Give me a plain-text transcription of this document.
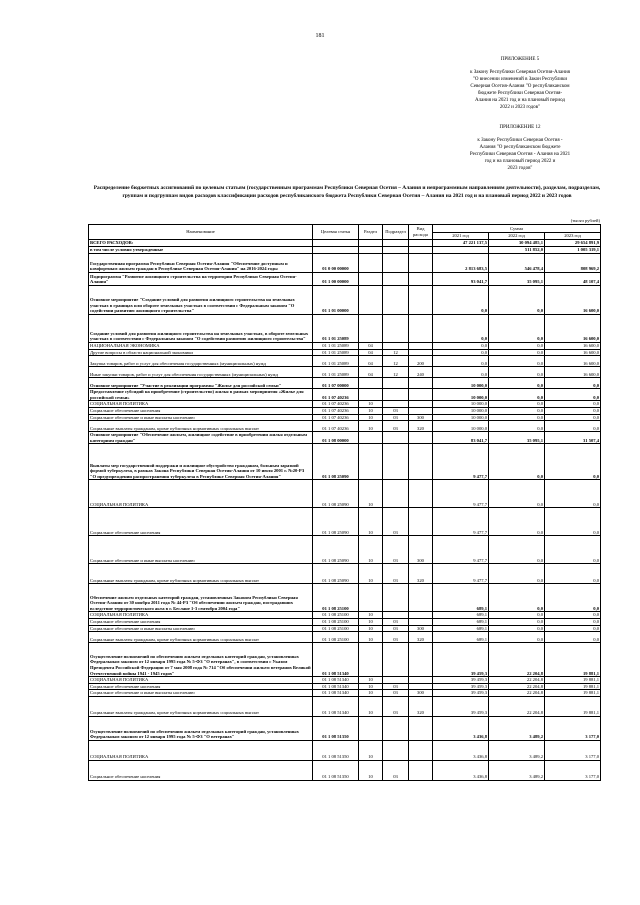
181
ПРИЛОЖЕНИЕ 5
к Закону Республики Северная Осетия-Алания
"О внесении изменений в Закон Республики
Северная Осетия-Алания "О республиканском
бюджете Республики Северная Осетия-
Алания на 2021 год и на плановый период
2022 и 2023 годов"
ПРИЛОЖЕНИЕ 12
к Закону Республики Северная Осетия -
Алания "О республиканском бюджете
Республики Северная Осетия - Алания на 2021
год и на плановый период 2022 и
2023 годов"
Распределение бюджетных ассигнований по целевым статьям (государственным программам Республики Северная Осетия – Алания и непрограммным направлениям деятельности), разделам, подразделам, группам и подгруппам видов расходов классификации расходов республиканского бюджета Республики Северная Осетия – Алания на 2021 год и на плановый период 2022 и 2023 годов
(тысяч рублей)
Наименование	Целевая статья	Раздел	Подраздел	Вид расхода	Сумма		
					2021 год	2022 год	2023 год
ВСЕГО РАСХОДОВ:					47 221 137,5	30 094 485,1	29 654 891,9
в том числе условно утвержденные						511 852,0	1 005 319,1
Государственная программа Республики Северная Осетия-Алания "Обеспечение доступным и комфортным жильем граждан в Республике Северная Осетия-Алания" на 2016-2024 годы	01 0 00 00000				2 813 683,5	546 478,4	808 969,2
Подпрограмма "Развитие жилищного строительства на территории Республики Северная Осетия-Алания"	01 1 00 00000				93 041,7	35 095,1	48 107,4
Основное мероприятие "Создание условий для развития жилищного строительства на земельных участках в границах или обороте земельных участках в соответствии с Федеральным законом "О содействии развитию жилищного строительства"	01 1 01 00000				0,0	0,0	16 600,0
Создание условий для развития жилищного строительства на земельных участках, в обороте земельных участках в соответствии с Федеральным законом "О содействии развитию жилищного строительства"	01 1 01 25089				0,0	0,0	16 600,0
НАЦИОНАЛЬНАЯ ЭКОНОМИКА	01 1 01 25089	04			0,0	0,0	16 600,0
Другие вопросы в области национальной экономики	01 1 01 25089	04	12		0,0	0,0	16 600,0
Закупка товаров, работ и услуг для обеспечения государственных (муниципальных) нужд	01 1 01 25089	04	12	200	0,0	0,0	16 600,0
Иные закупки товаров, работ и услуг для обеспечения государственных (муниципальных) нужд	01 1 01 25089	04	12	240	0,0	0,0	16 600,0
Основное мероприятие "Участие в реализации программы "Жилье для российской семьи"	01 1 07 00000				10 000,0	0,0	0,0
Предоставление субсидий на приобретение (строительство) жилья в рамках мероприятия «Жилье для российской семьи»	01 1 07 40236				10 000,0	0,0	0,0
СОЦИАЛЬНАЯ ПОЛИТИКА	01 1 07 40236	10			10 000,0	0,0	0,0
Социальное обеспечение населения	01 1 07 40236	10	03		10 000,0	0,0	0,0
Социальное обеспечение и иные выплаты населению	01 1 07 40236	10	03	300	10 000,0	0,0	0,0
Социальные выплаты гражданам, кроме публичных нормативных социальных выплат	01 1 07 40236	10	03	320	10 000,0	0,0	0,0
Основное мероприятие "Обеспечение жильем, жилищное содействие в приобретении жилья отдельным категориям граждан"	01 1 08 00000				83 041,7	35 095,1	31 507,4
Выплаты мер государственной поддержки и жилищное обустройство гражданам, больным заразной формой туберкулеза, в рамках Закона Республики Северная Осетия-Алания от 10 июля 2001 г. №20-РЗ "О предупреждении распространения туберкулеза в Республике Северная Осетия-Алания"	01 1 08 25090				9 477,7	0,0	0,0
СОЦИАЛЬНАЯ ПОЛИТИКА	01 1 08 25090	10			9 477,7	0,0	0,0
Социальное обеспечение населения	01 1 08 25090	10	03		9 477,7	0,0	0,0
Социальное обеспечение и иные выплаты населению	01 1 08 25090	10	03	300	9 477,7	0,0	0,0
Социальные выплаты гражданам, кроме публичных нормативных социальных выплат	01 1 08 25090	10	03	320	9 477,7	0,0	0,0
Обеспечение жильем отдельных категорий граждан, установленных Законом Республики Северная Осетия-Алания от 30 ноября 2011 года № 44-РЗ "Об обеспечении жильем граждан, пострадавших вследствие террористического акта в г. Беслане 1-3 сентября 2004 года"	01 1 08 25100				689,1	0,0	0,0
СОЦИАЛЬНАЯ ПОЛИТИКА	01 1 08 25100	10			689,1	0,0	0,0
Социальное обеспечение населения	01 1 08 25100	10	03		689,1	0,0	0,0
Социальное обеспечение и иные выплаты населению	01 1 08 25100	10	03	300	689,1	0,0	0,0
Социальные выплаты гражданам, кроме публичных нормативных социальных выплат	01 1 08 25100	10	03	320	689,1	0,0	0,0
Осуществление полномочий по обеспечению жильем отдельных категорий граждан, установленных Федеральным законом от 12 января 1995 года № 5-ФЗ "О ветеранах", в соответствии с Указом Президента Российской Федерации от 7 мая 2008 года № 714 "Об обеспечении жильем ветеранов Великой Отечественной войны 1941 - 1945 годов"	01 1 08 51340				39 459,3	22 204,8	19 881,1
СОЦИАЛЬНАЯ ПОЛИТИКА	01 1 08 51340	10			39 459,3	22 204,8	19 881,1
Социальное обеспечение населения	01 1 08 51340	10	03		39 459,3	22 204,8	19 881,1
Социальное обеспечение и иные выплаты населению	01 1 08 51340	10	03	300	39 459,3	22 204,8	19 881,1
Социальные выплаты гражданам, кроме публичных нормативных социальных выплат	01 1 08 51340	10	03	320	39 459,3	22 204,8	19 881,1
Осуществление полномочий по обеспечению жильем отдельных категорий граждан, установленных Федеральным законом от 12 января 1995 года № 5-ФЗ "О ветеранах"	01 1 08 51350				3 436,8	3 489,2	3 177,0
СОЦИАЛЬНАЯ ПОЛИТИКА	01 1 08 51350	10			3 436,8	3 489,2	3 177,0
Социальное обеспечение населения	01 1 08 51350	10	03		3 436,8	3 489,2	3 177,0
